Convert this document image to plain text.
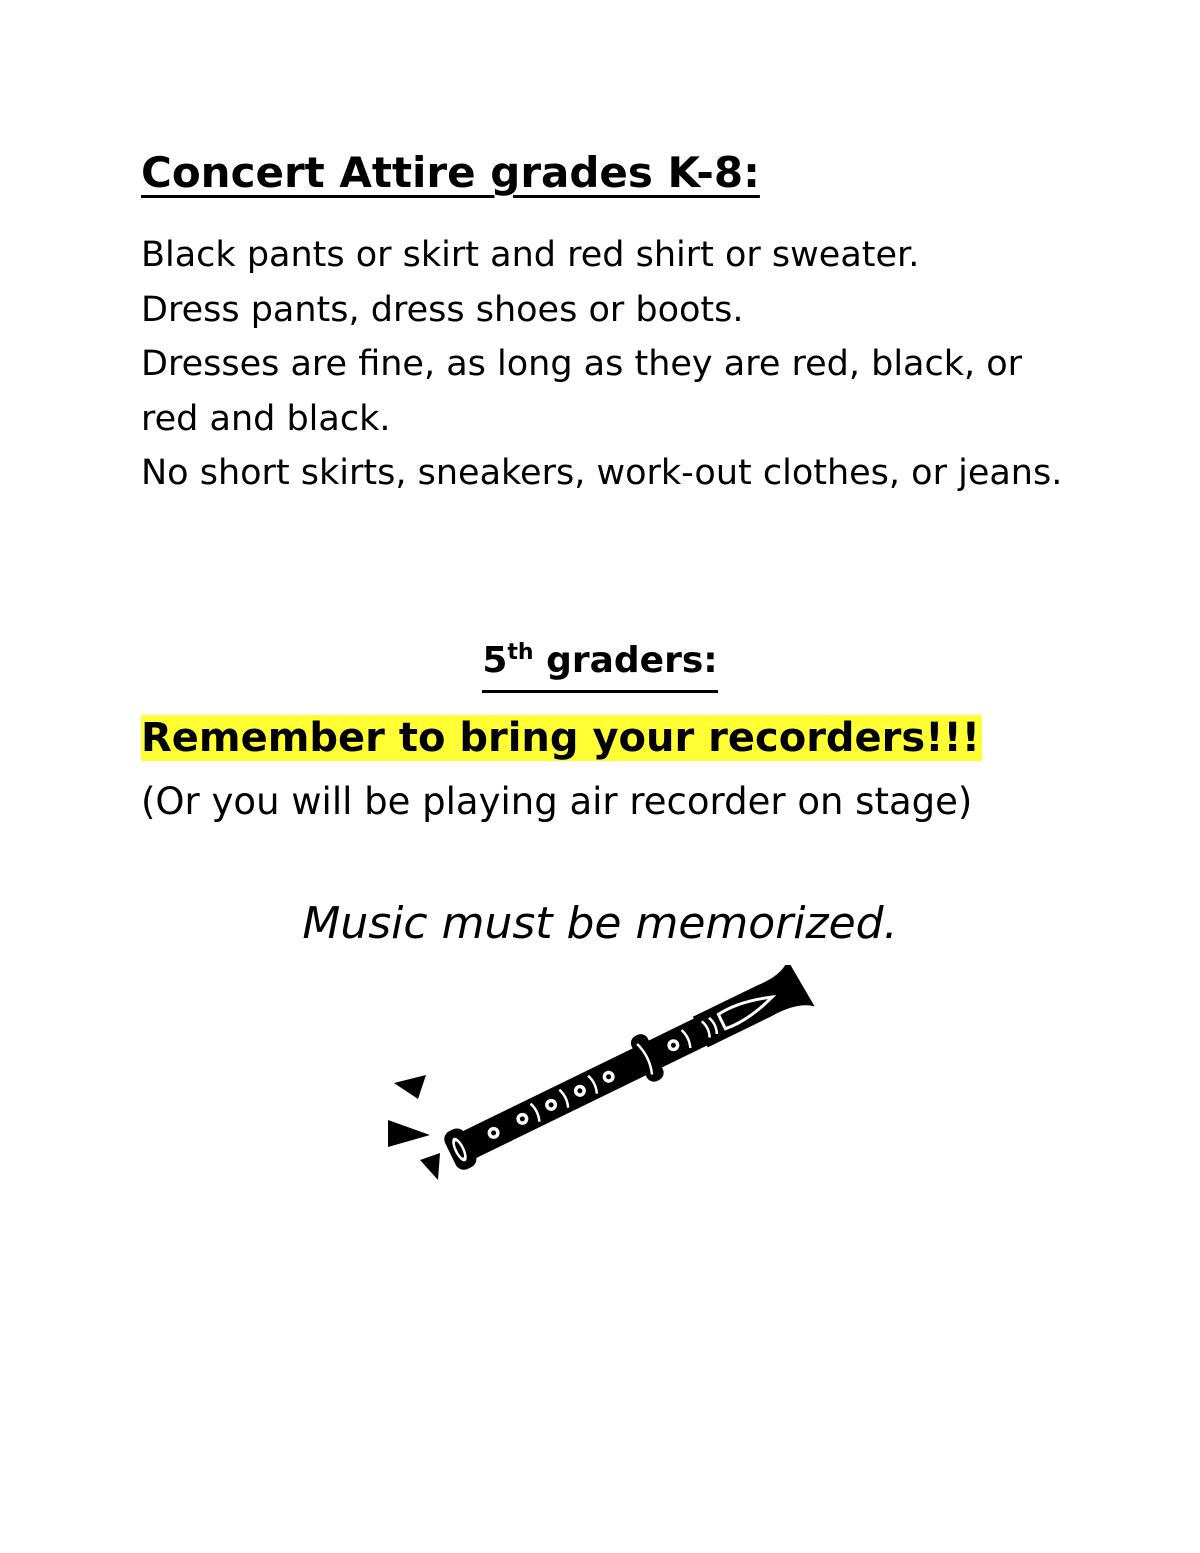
Concert Attire grades K-8:
Black pants or skirt and red shirt or sweater.
Dress pants, dress shoes or boots.
Dresses are fine, as long as they are red, black, or
red and black.
No short skirts, sneakers, work-out clothes, or jeans.
5th graders:

Remember to bring your recorders!!!

(Or you will be playing air recorder on stage)

Music must be memorized.
